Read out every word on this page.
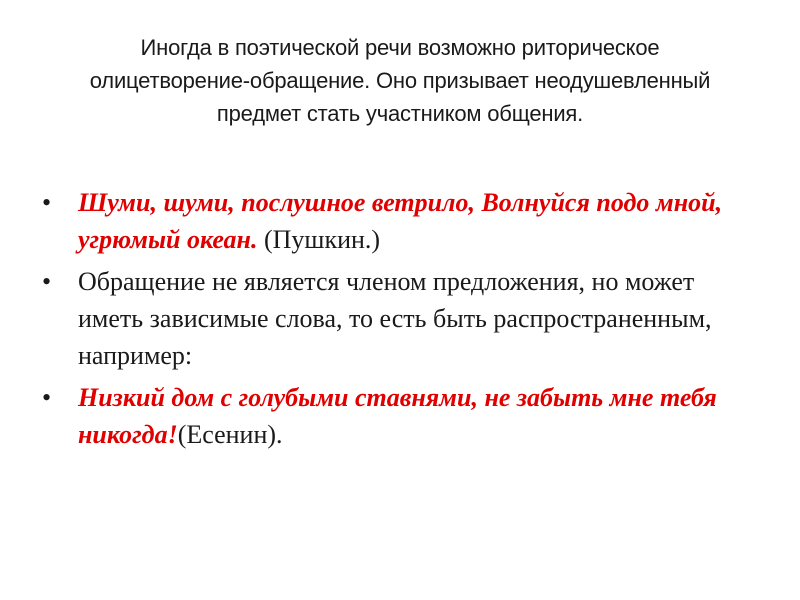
Иногда в поэтической речи возможно риторическое
олицетворение-обращение. Оно призывает неодушевленный
предмет стать участником общения.
• Шуми, шуми, послушное ветрило, Волнуйся подо мной, угрюмый океан. (Пушкин.)
• Обращение не является членом предложения, но может иметь зависимые слова, то есть быть распространенным, например:
• Низкий дом с голубыми ставнями, не забыть мне тебя никогда!(Есенин).
